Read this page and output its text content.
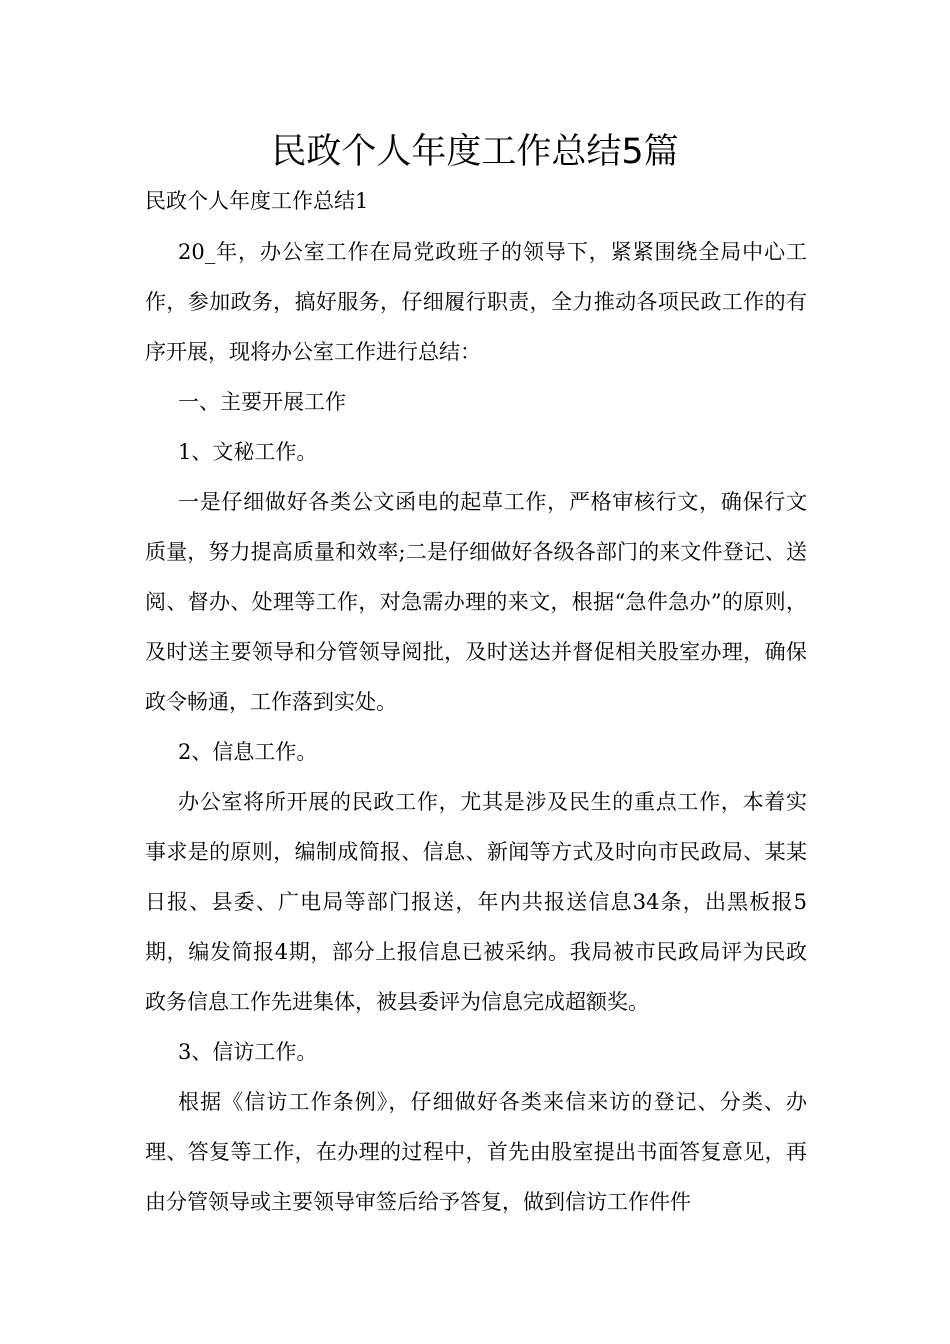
民政个人年度工作总结5篇

民政个人年度工作总结1

20_年，办公室工作在局党政班子的领导下，紧紧围绕全局中心工作，参加政务，搞好服务，仔细履行职责，全力推动各项民政工作的有序开展，现将办公室工作进行总结：

一、主要开展工作

1、文秘工作。

一是仔细做好各类公文函电的起草工作，严格审核行文，确保行文质量，努力提高质量和效率;二是仔细做好各级各部门的来文件登记、送阅、督办、处理等工作，对急需办理的来文，根据“急件急办”的原则，及时送主要领导和分管领导阅批，及时送达并督促相关股室办理，确保政令畅通，工作落到实处。

2、信息工作。

办公室将所开展的民政工作，尤其是涉及民生的重点工作，本着实事求是的原则，编制成简报、信息、新闻等方式及时向市民政局、某某日报、县委、广电局等部门报送，年内共报送信息34条，出黑板报5期，编发简报4期，部分上报信息已被采纳。我局被市民政局评为民政政务信息工作先进集体，被县委评为信息完成超额奖。

3、信访工作。

根据《信访工作条例》，仔细做好各类来信来访的登记、分类、办理、答复等工作，在办理的过程中，首先由股室提出书面答复意见，再由分管领导或主要领导审签后给予答复，做到信访工作件件
